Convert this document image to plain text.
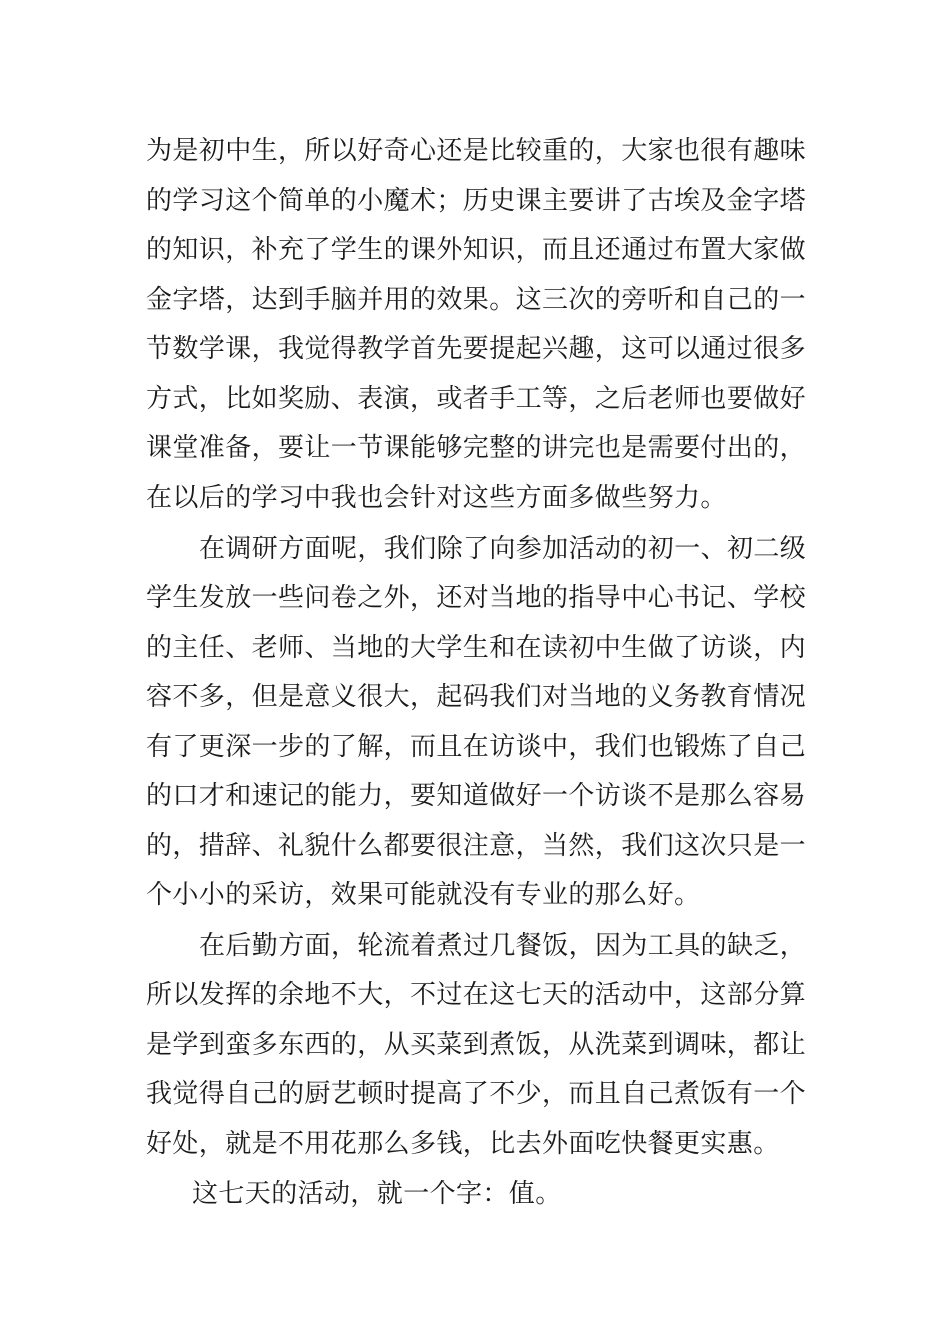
为是初中生，所以好奇心还是比较重的，大家也很有趣味
的学习这个简单的小魔术；历史课主要讲了古埃及金字塔
的知识，补充了学生的课外知识，而且还通过布置大家做
金字塔，达到手脑并用的效果。这三次的旁听和自己的一
节数学课，我觉得教学首先要提起兴趣，这可以通过很多
方式，比如奖励、表演，或者手工等，之后老师也要做好
课堂准备，要让一节课能够完整的讲完也是需要付出的，
在以后的学习中我也会针对这些方面多做些努力。
在调研方面呢，我们除了向参加活动的初一、初二级
学生发放一些问卷之外，还对当地的指导中心书记、学校
的主任、老师、当地的大学生和在读初中生做了访谈，内
容不多，但是意义很大，起码我们对当地的义务教育情况
有了更深一步的了解，而且在访谈中，我们也锻炼了自己
的口才和速记的能力，要知道做好一个访谈不是那么容易
的，措辞、礼貌什么都要很注意，当然，我们这次只是一
个小小的采访，效果可能就没有专业的那么好。
在后勤方面，轮流着煮过几餐饭，因为工具的缺乏，
所以发挥的余地不大，不过在这七天的活动中，这部分算
是学到蛮多东西的，从买菜到煮饭，从洗菜到调味，都让
我觉得自己的厨艺顿时提高了不少，而且自己煮饭有一个
好处，就是不用花那么多钱，比去外面吃快餐更实惠。
这七天的活动，就一个字：值。
